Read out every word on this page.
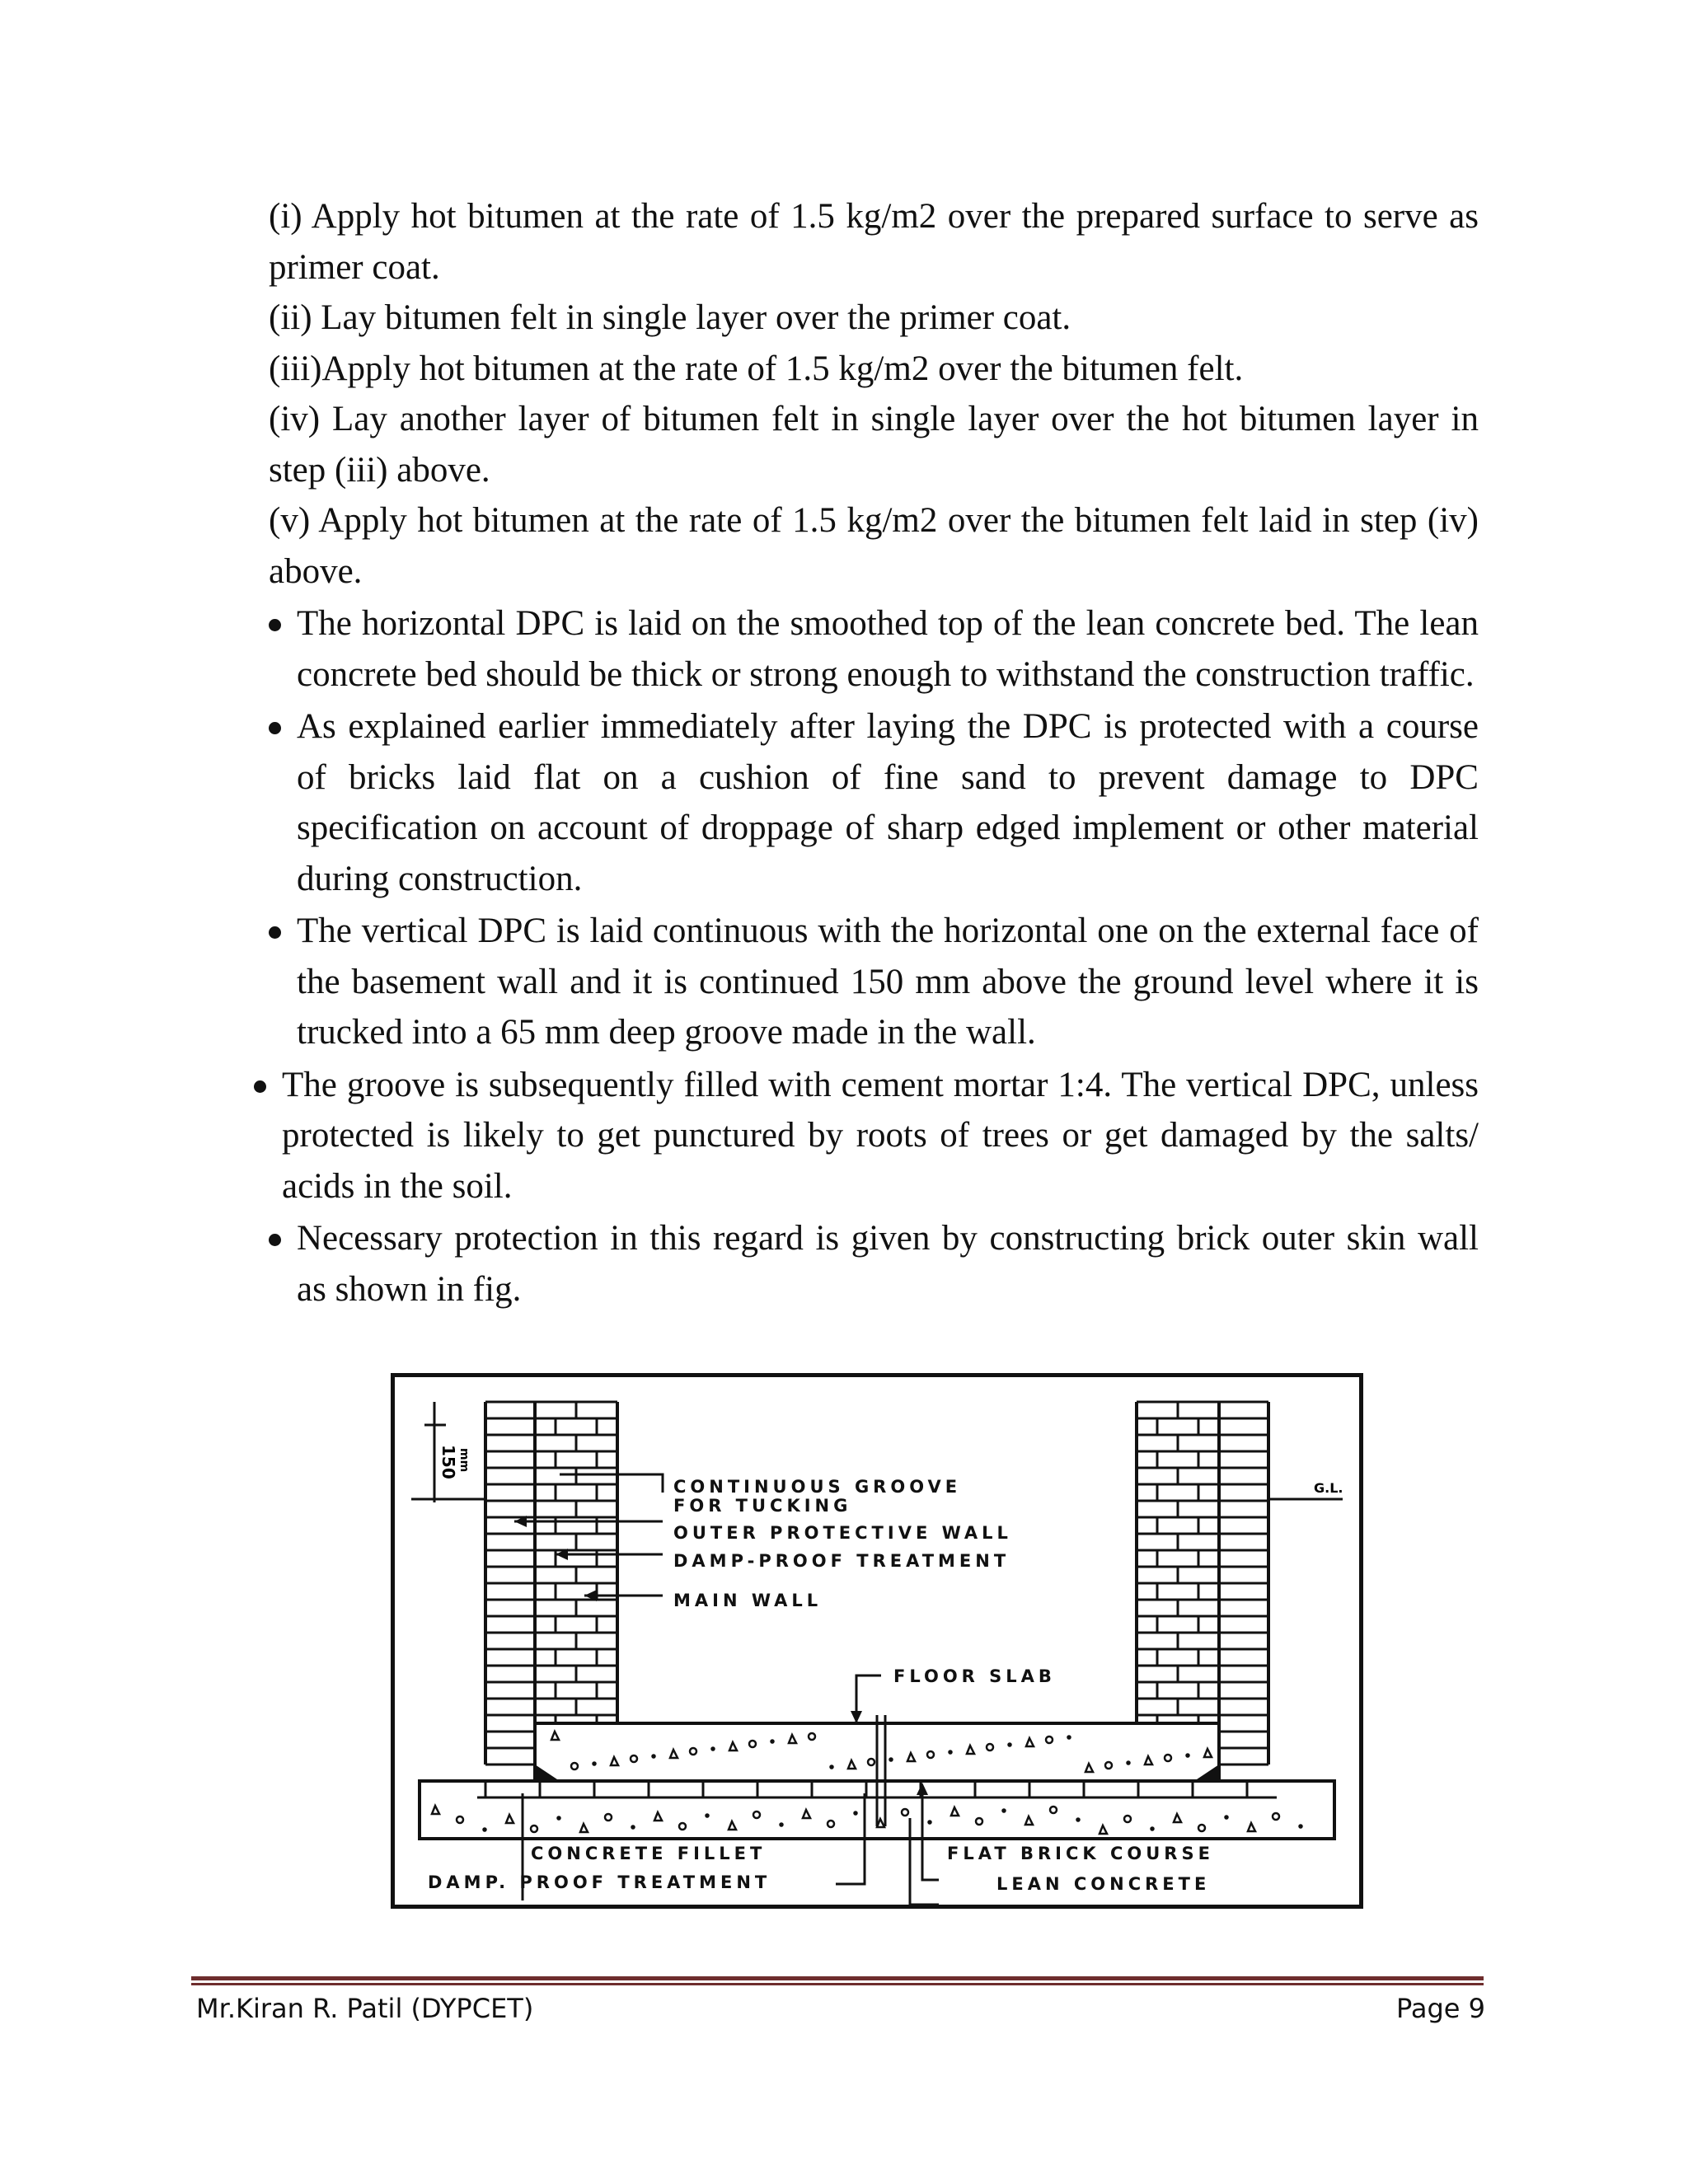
(i) Apply hot bitumen at the rate of 1.5 kg/m2 over the prepared surface to serve as primer coat.

(ii) Lay bitumen felt in single layer over the primer coat.

(iii)Apply hot bitumen at the rate of 1.5 kg/m2 over the bitumen felt.

(iv) Lay another layer of bitumen felt in single layer over the hot bitumen layer in step (iii) above.

(v) Apply hot bitumen at the rate of 1.5 kg/m2 over the bitumen felt laid in step (iv) above.

The horizontal DPC is laid on the smoothed top of the lean concrete bed. The lean concrete bed should be thick or strong enough to withstand the construction traffic.
As explained earlier immediately after laying the DPC is protected with a course of bricks laid flat on a cushion of fine sand to prevent damage to DPC specification on account of droppage of sharp edged implement or other material during construction.
The vertical DPC is laid continuous with the horizontal one on the external face of the basement wall and it is continued 150 mm above the ground level where it is trucked into a 65 mm deep groove made in the wall.
The groove is subsequently filled with cement mortar 1:4. The vertical DPC, unless protected is likely to get punctured by roots of trees or get damaged by the salts/ acids in the soil.
Necessary protection in this regard is given by constructing brick outer skin wall as shown in fig.
150 mm
G.L.
CONTINUOUS GROOVE
FOR TUCKING
OUTER PROTECTIVE WALL
DAMP-PROOF TREATMENT
MAIN WALL
FLOOR SLAB
CONCRETE FILLET
DAMP. PROOF TREATMENT
FLAT BRICK COURSE
LEAN CONCRETE
Mr.Kiran R. Patil (DYPCET)	Page 9
